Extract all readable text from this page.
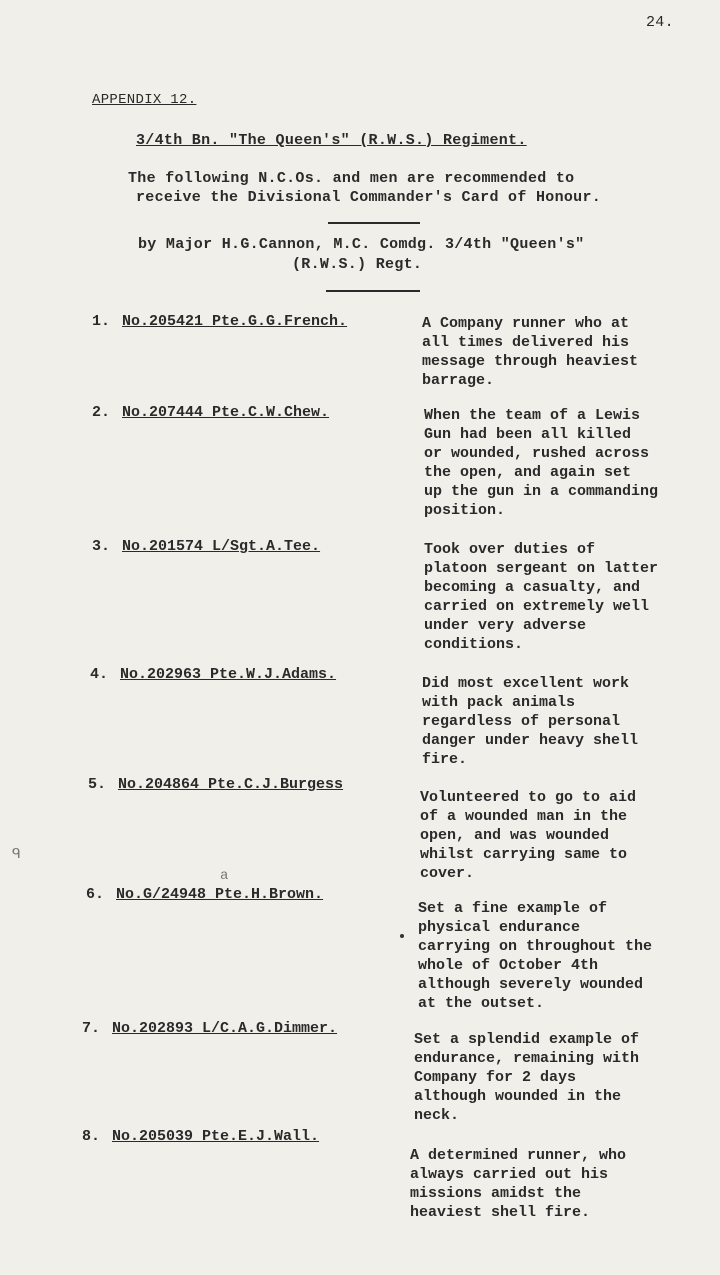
24.
APPENDIX 12.
3/4th Bn. "The Queen's" (R.W.S.) Regiment.
The following N.C.Os. and men are recommended to
receive the Divisional Commander's Card of Honour.
by Major H.G.Cannon, M.C. Comdg. 3/4th "Queen's"
(R.W.S.) Regt.
1. No.205421 Pte.G.G.French.	A Company runner who at
all times delivered his
message through heaviest
barrage.
2. No.207444 Pte.C.W.Chew.	When the team of a Lewis
Gun had been all killed
or wounded, rushed across
the open, and again set
up the gun in a commanding
position.
3. No.201574 L/Sgt.A.Tee.	Took over duties of
platoon sergeant on latter
becoming a casualty, and
carried on extremely well
under very adverse
conditions.
4. No.202963 Pte.W.J.Adams.
Did most excellent work
with pack animals
regardless of personal
danger under heavy shell
fire.
5. No.204864 Pte.C.J.Burgess
Volunteered to go to aid
of a wounded man in the
open, and was wounded
whilst carrying same to
cover.
a
6. No.G/24948 Pte.H.Brown.
Set a fine example of
physical endurance
carrying on throughout the
whole of October 4th
although severely wounded
at the outset.
7. No.202893 L/C.A.G.Dimmer.
Set a splendid example of
endurance, remaining with
Company for 2 days
although wounded in the
neck.
8. No.205039 Pte.E.J.Wall.
A determined runner, who
always carried out his
missions amidst the
heaviest shell fire.
ᑫ
